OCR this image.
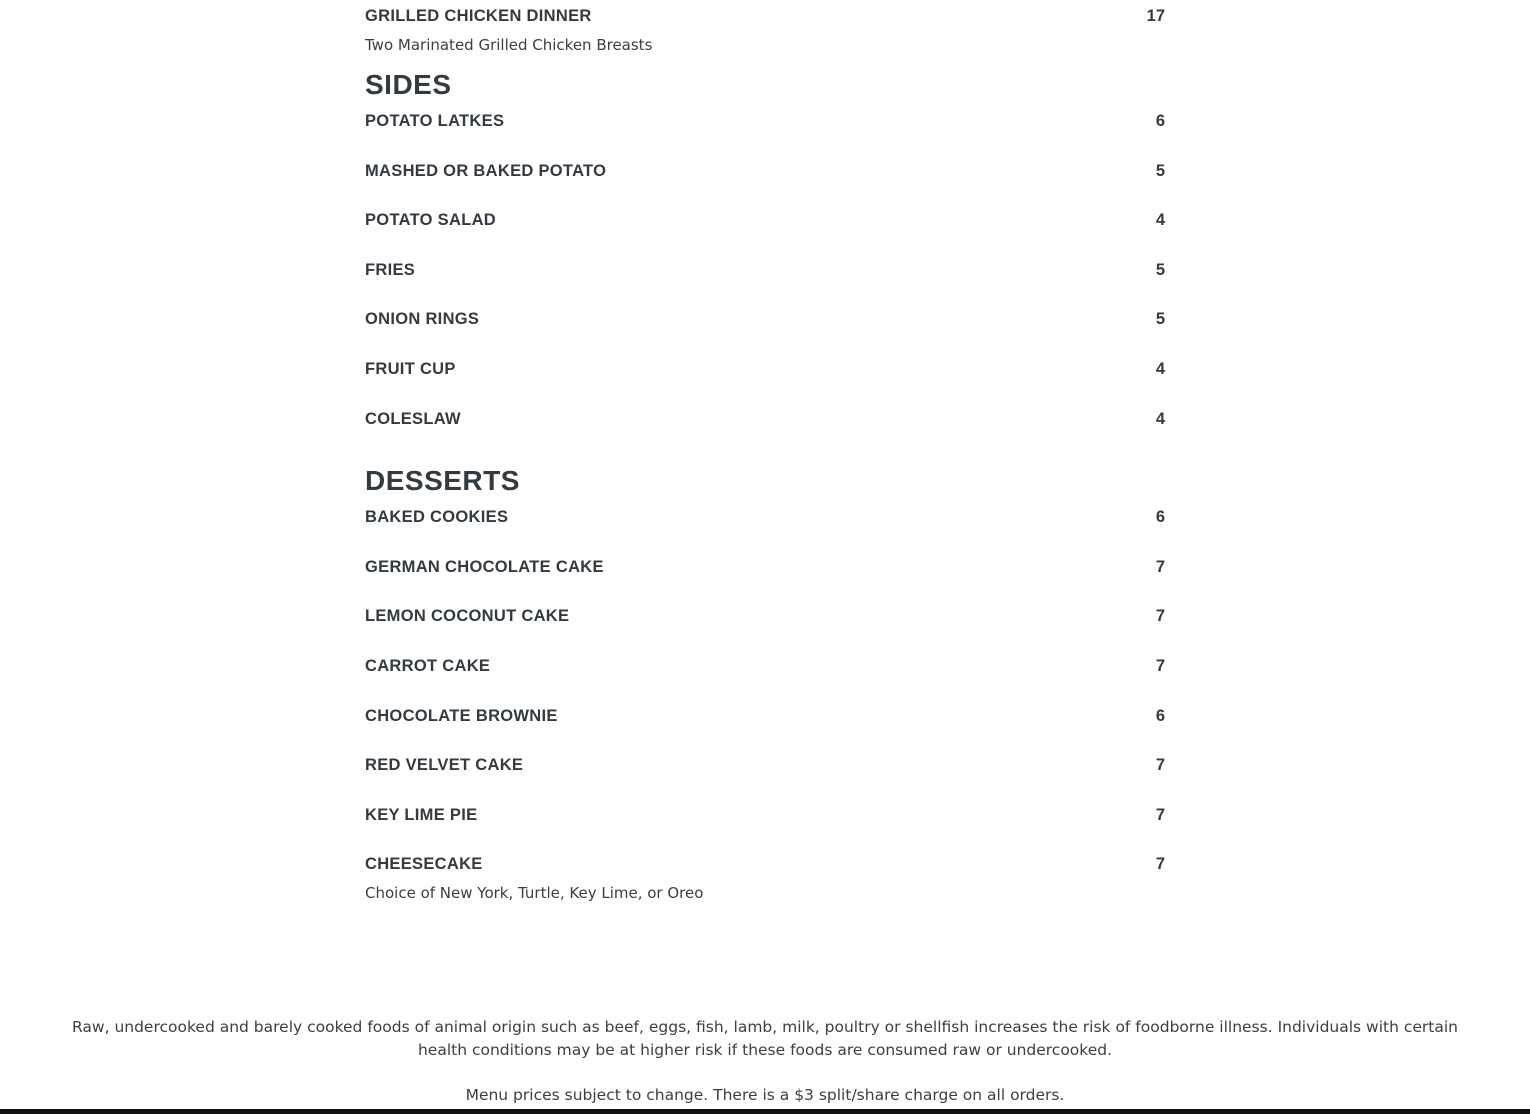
GRILLED CHICKEN DINNER	17
Two Marinated Grilled Chicken Breasts
SIDES
POTATO LATKES	6
MASHED OR BAKED POTATO	5
POTATO SALAD	4
FRIES	5
ONION RINGS	5
FRUIT CUP	4
COLESLAW	4
DESSERTS
BAKED COOKIES	6
GERMAN CHOCOLATE CAKE	7
LEMON COCONUT CAKE	7
CARROT CAKE	7
CHOCOLATE BROWNIE	6
RED VELVET CAKE	7
KEY LIME PIE	7
CHEESECAKE	7
Choice of New York, Turtle, Key Lime, or Oreo
Raw, undercooked and barely cooked foods of animal origin such as beef, eggs, fish, lamb, milk, poultry or shellfish increases the risk of foodborne illness. Individuals with certain health conditions may be at higher risk if these foods are consumed raw or undercooked.
Menu prices subject to change. There is a $3 split/share charge on all orders.
